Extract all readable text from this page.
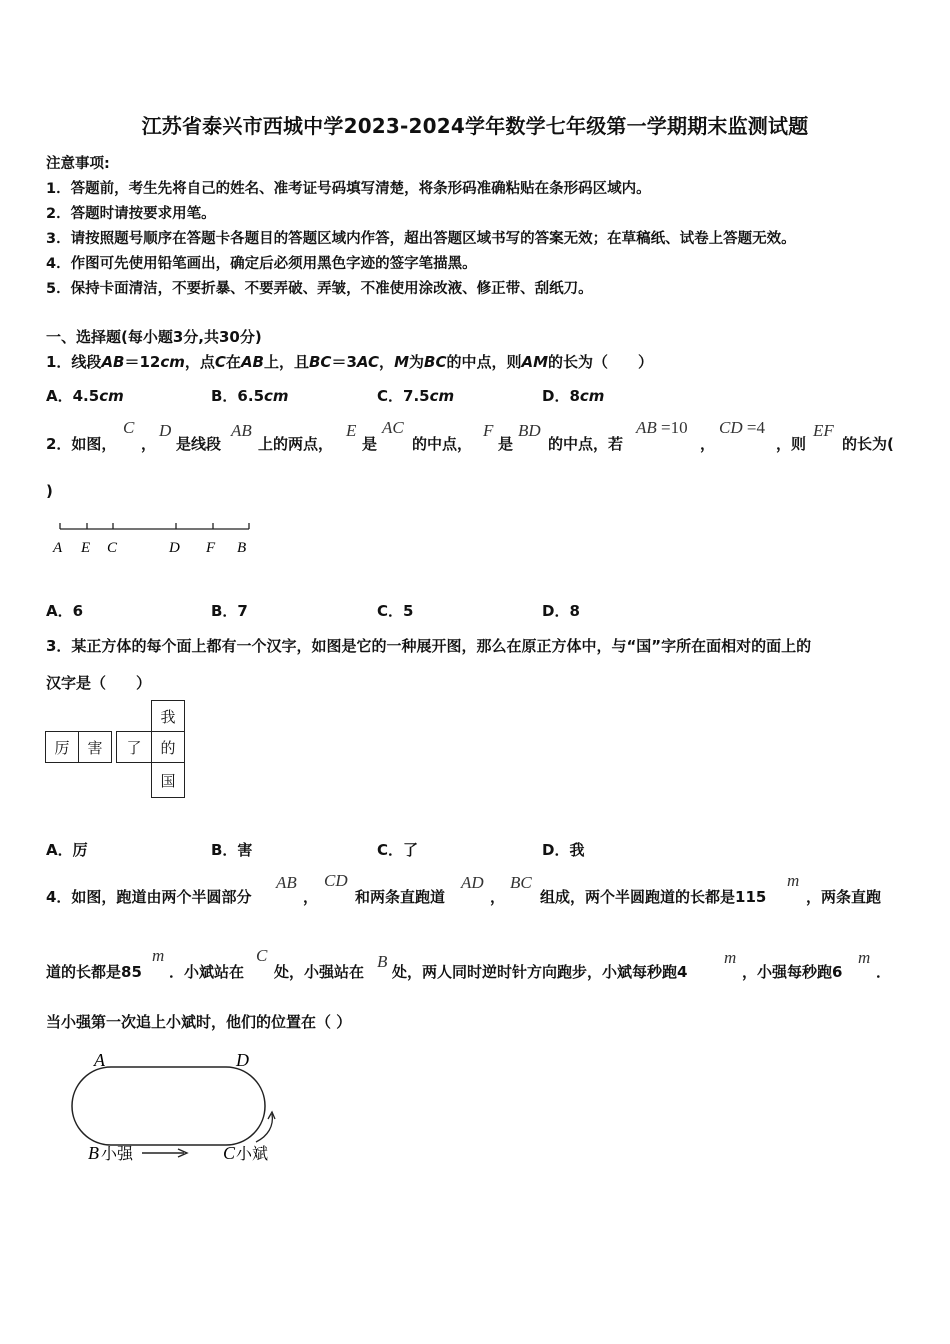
江苏省泰兴市西城中学2023-2024学年数学七年级第一学期期末监测试题
注意事项:
1．答题前，考生先将自己的姓名、准考证号码填写清楚，将条形码准确粘贴在条形码区域内。
2．答题时请按要求用笔。
3．请按照题号顺序在答题卡各题目的答题区域内作答，超出答题区域书写的答案无效；在草稿纸、试卷上答题无效。
4．作图可先使用铅笔画出，确定后必须用黑色字迹的签字笔描黑。
5．保持卡面清洁，不要折暴、不要弄破、弄皱，不准使用涂改液、修正带、刮纸刀。
一、选择题(每小题3分,共30分)
1．线段AB＝12cm，点C在AB上，且BC＝3AC，M为BC的中点，则AM的长为（　　）
A．4.5cm	B．6.5cm	C．7.5cm	D．8cm
2．如图，
C
，
D
是线段
AB
上的两点，
E
是
AC
的中点，
F
是
BD
的中点，若
AB =10
，
CD =4
，则
EF
的长为(
)
A E C	D F B
A．6	B．7	C．5	D．8
3．某正方体的每个面上都有一个汉字，如图是它的一种展开图，那么在原正方体中，与“国”字所在面相对的面上的
汉字是（　　）
我
厉	害	了	的
国
A．厉	B．害	C．了	D．我
4．如图，跑道由两个半圆部分
AB
，
CD
和两条直跑道
AD
，
BC
组成，两个半圆跑道的长都是115
m
，两条直跑
道的长都是85
m
．小斌站在
C
处，小强站在
B
处，两人同时逆时针方向跑步，小斌每秒跑4
m
，小强每秒跑6
m
．
当小强第一次追上小斌时，他们的位置在（ ）
A	D
B 小强	C 小斌
